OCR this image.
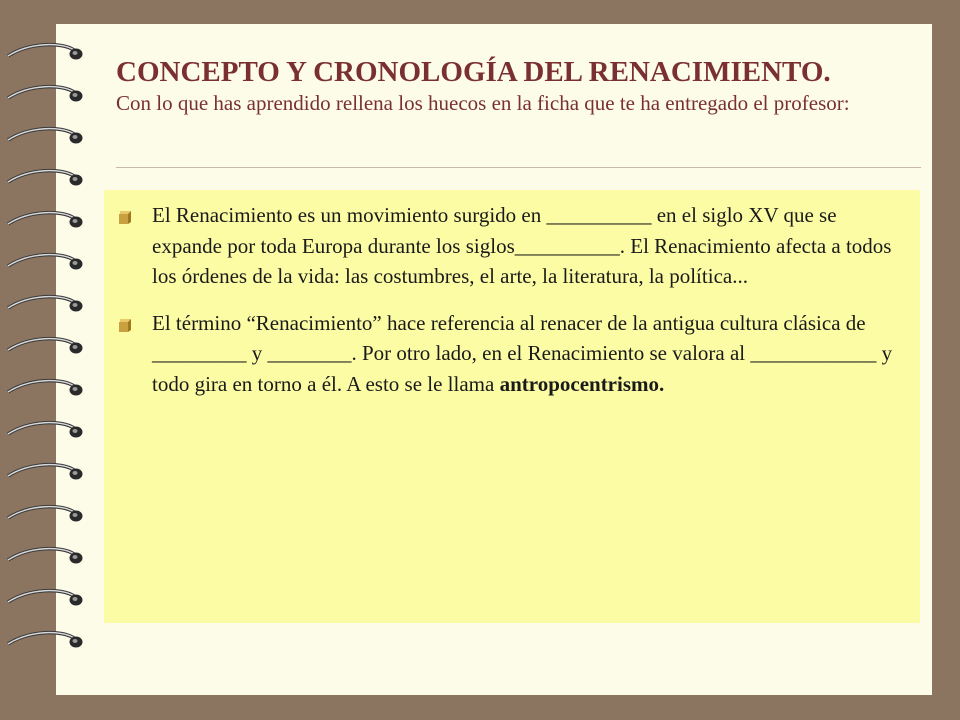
CONCEPTO Y CRONOLOGÍA DEL RENACIMIENTO.

Con lo que has aprendido rellena los huecos en la ficha que te ha entregado el profesor:

El Renacimiento es un movimiento surgido en __________ en el siglo XV que se expande por toda Europa durante los siglos__________. El Renacimiento afecta a todos los órdenes de la vida: las costumbres, el arte, la literatura, la política...
El término “Renacimiento” hace referencia al renacer de la antigua cultura clásica de _________ y ________. Por otro lado, en el Renacimiento se valora al ____________ y todo gira en torno a él. A esto se le llama antropocentrismo.
